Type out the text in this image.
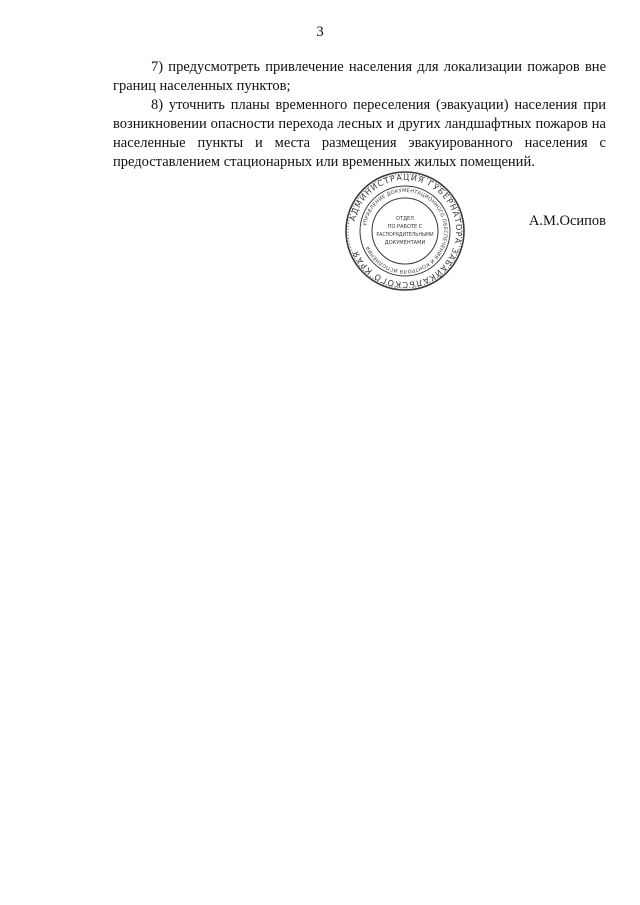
3

7) предусмотреть привлечение населения для локализации пожаров вне границ населенных пунктов;

8) уточнить планы временного переселения (эвакуации) населения при возникновении опасности перехода лесных и других ландшафтных пожаров на населенные пункты и места размещения эвакуированного населения с предоставлением стационарных или временных жилых помещений.

АДМИНИСТРАЦИЯ ГУБЕРНАТОРА ЗАБАЙКАЛЬСКОГО КРАЯ
УПРАВЛЕНИЕ ДОКУМЕНТАЦИОННОГО ОБЕСПЕЧЕНИЯ И КОНТРОЛЯ ИСПОЛНЕНИЯ
ОТДЕЛ
ПО РАБОТЕ С
РАСПОРЯДИТЕЛЬНЫМИ
ДОКУМЕНТАМИ
А.М.Осипов
